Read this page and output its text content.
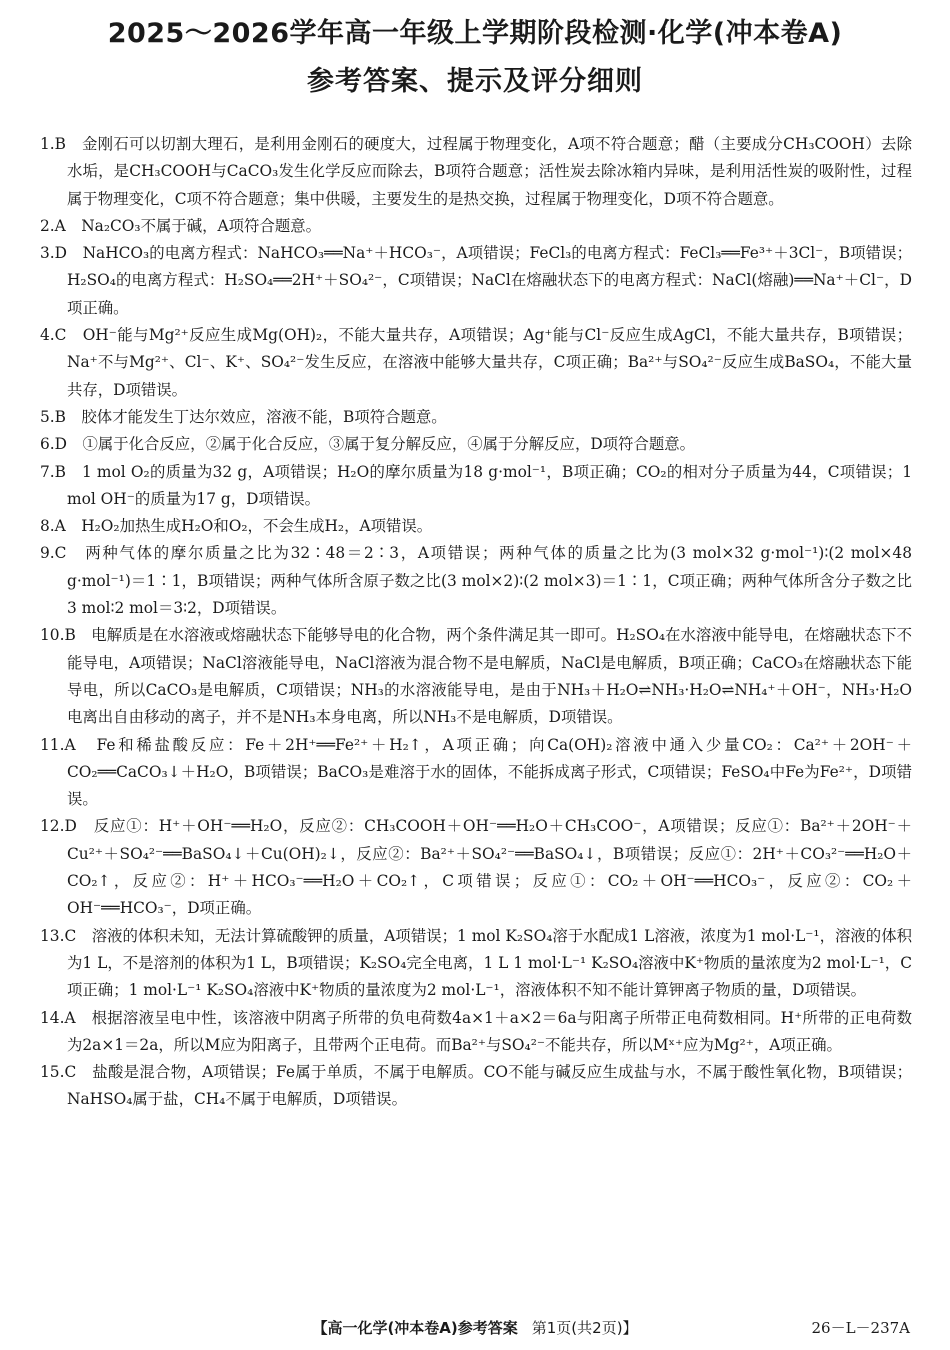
2025～2026学年高一年级上学期阶段检测·化学(冲本卷A)
参考答案、提示及评分细则
1.B　 金刚石可以切割大理石，是利用金刚石的硬度大，过程属于物理变化，A项不符合题意；醋（主要成分CH₃COOH）去除水垢，是CH₃COOH与CaCO₃发生化学反应而除去，B项符合题意；活性炭去除冰箱内异味，是利用活性炭的吸附性，过程属于物理变化，C项不符合题意；集中供暖，主要发生的是热交换，过程属于物理变化，D项不符合题意。
2.A　 Na₂CO₃不属于碱，A项符合题意。
3.D　 NaHCO₃的电离方程式：NaHCO₃══Na⁺＋HCO₃⁻，A项错误；FeCl₃的电离方程式：FeCl₃══Fe³⁺＋3Cl⁻，B项错误；H₂SO₄的电离方程式：H₂SO₄══2H⁺＋SO₄²⁻，C项错误；NaCl在熔融状态下的电离方程式：NaCl(熔融)══Na⁺＋Cl⁻，D项正确。
4.C　 OH⁻能与Mg²⁺反应生成Mg(OH)₂，不能大量共存，A项错误；Ag⁺能与Cl⁻反应生成AgCl，不能大量共存，B项错误；Na⁺不与Mg²⁺、Cl⁻、K⁺、SO₄²⁻发生反应，在溶液中能够大量共存，C项正确；Ba²⁺与SO₄²⁻反应生成BaSO₄，不能大量共存，D项错误。
5.B　 胶体才能发生丁达尔效应，溶液不能，B项符合题意。
6.D　 ①属于化合反应，②属于化合反应，③属于复分解反应，④属于分解反应，D项符合题意。
7.B　 1 mol O₂的质量为32 g，A项错误；H₂O的摩尔质量为18 g·mol⁻¹，B项正确；CO₂的相对分子质量为44，C项错误；1 mol OH⁻的质量为17 g，D项错误。
8.A　 H₂O₂加热生成H₂O和O₂，不会生成H₂，A项错误。
9.C　 两种气体的摩尔质量之比为32∶48＝2∶3，A项错误；两种气体的质量之比为(3 mol×32 g·mol⁻¹)∶(2 mol×48 g·mol⁻¹)＝1∶1，B项错误；两种气体所含原子数之比(3 mol×2)∶(2 mol×3)＝1∶1，C项正确；两种气体所含分子数之比3 mol∶2 mol＝3∶2，D项错误。
10.B　 电解质是在水溶液或熔融状态下能够导电的化合物，两个条件满足其一即可。H₂SO₄在水溶液中能导电，在熔融状态下不能导电，A项错误；NaCl溶液能导电，NaCl溶液为混合物不是电解质，NaCl是电解质，B项正确；CaCO₃在熔融状态下能导电，所以CaCO₃是电解质，C项错误；NH₃的水溶液能导电，是由于NH₃＋H₂O⇌NH₃·H₂O⇌NH₄⁺＋OH⁻，NH₃·H₂O电离出自由移动的离子，并不是NH₃本身电离，所以NH₃不是电解质，D项错误。
11.A　 Fe和稀盐酸反应：Fe＋2H⁺══Fe²⁺＋H₂↑，A项正确；向Ca(OH)₂溶液中通入少量CO₂：Ca²⁺＋2OH⁻＋CO₂══CaCO₃↓＋H₂O，B项错误；BaCO₃是难溶于水的固体，不能拆成离子形式，C项错误；FeSO₄中Fe为Fe²⁺，D项错误。
12.D　 反应①：H⁺＋OH⁻══H₂O，反应②：CH₃COOH＋OH⁻══H₂O＋CH₃COO⁻，A项错误；反应①：Ba²⁺＋2OH⁻＋Cu²⁺＋SO₄²⁻══BaSO₄↓＋Cu(OH)₂↓，反应②：Ba²⁺＋SO₄²⁻══BaSO₄↓，B项错误；反应①：2H⁺＋CO₃²⁻══H₂O＋CO₂↑，反应②：H⁺＋HCO₃⁻══H₂O＋CO₂↑，C项错误；反应①：CO₂＋OH⁻══HCO₃⁻，反应②：CO₂＋OH⁻══HCO₃⁻，D项正确。
13.C　 溶液的体积未知，无法计算硫酸钾的质量，A项错误；1 mol K₂SO₄溶于水配成1 L溶液，浓度为1 mol·L⁻¹，溶液的体积为1 L，不是溶剂的体积为1 L，B项错误；K₂SO₄完全电离，1 L 1 mol·L⁻¹ K₂SO₄溶液中K⁺物质的量浓度为2 mol·L⁻¹，C项正确；1 mol·L⁻¹ K₂SO₄溶液中K⁺物质的量浓度为2 mol·L⁻¹，溶液体积不知不能计算钾离子物质的量，D项错误。
14.A　 根据溶液呈电中性，该溶液中阴离子所带的负电荷数4a×1＋a×2＝6a与阳离子所带正电荷数相同。H⁺所带的正电荷数为2a×1＝2a，所以M应为阳离子，且带两个正电荷。而Ba²⁺与SO₄²⁻不能共存，所以Mˣ⁺应为Mg²⁺，A项正确。
15.C　 盐酸是混合物，A项错误；Fe属于单质，不属于电解质。CO不能与碱反应生成盐与水，不属于酸性氧化物，B项错误；NaHSO₄属于盐，CH₄不属于电解质，D项错误。
【高一化学(冲本卷A)参考答案 第1页(共2页)】	26－L－237A
